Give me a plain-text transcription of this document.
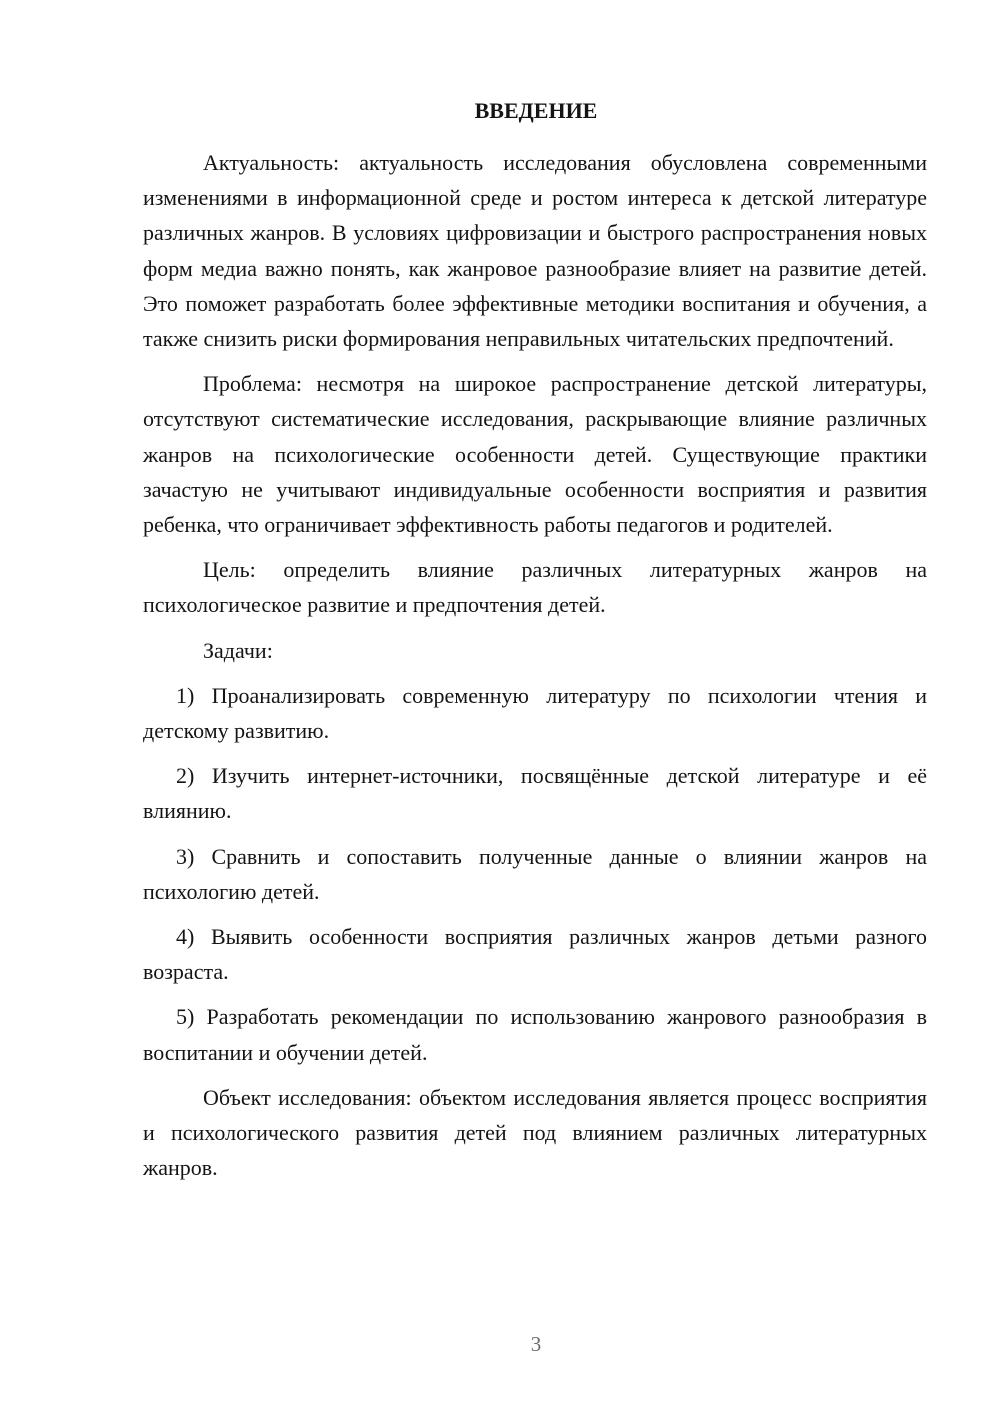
ВВЕДЕНИЕ

Актуальность: актуальность исследования обусловлена современными изменениями в информационной среде и ростом интереса к детской литературе различных жанров. В условиях цифровизации и быстрого распространения новых форм медиа важно понять, как жанровое разнообразие влияет на развитие детей. Это поможет разработать более эффективные методики воспитания и обучения, а также снизить риски формирования неправильных читательских предпочтений.

Проблема: несмотря на широкое распространение детской литературы, отсутствуют систематические исследования, раскрывающие влияние различных жанров на психологические особенности детей. Существующие практики зачастую не учитывают индивидуальные особенности восприятия и развития ребенка, что ограничивает эффективность работы педагогов и родителей.

Цель: определить влияние различных литературных жанров на психологическое развитие и предпочтения детей.

Задачи:

1) Проанализировать современную литературу по психологии чтения и детскому развитию.

2) Изучить интернет-источники, посвящённые детской литературе и её влиянию.

3) Сравнить и сопоставить полученные данные о влиянии жанров на психологию детей.

4) Выявить особенности восприятия различных жанров детьми разного возраста.

5) Разработать рекомендации по использованию жанрового разнообразия в воспитании и обучении детей.

Объект исследования: объектом исследования является процесс восприятия и психологического развития детей под влиянием различных литературных жанров.

3
